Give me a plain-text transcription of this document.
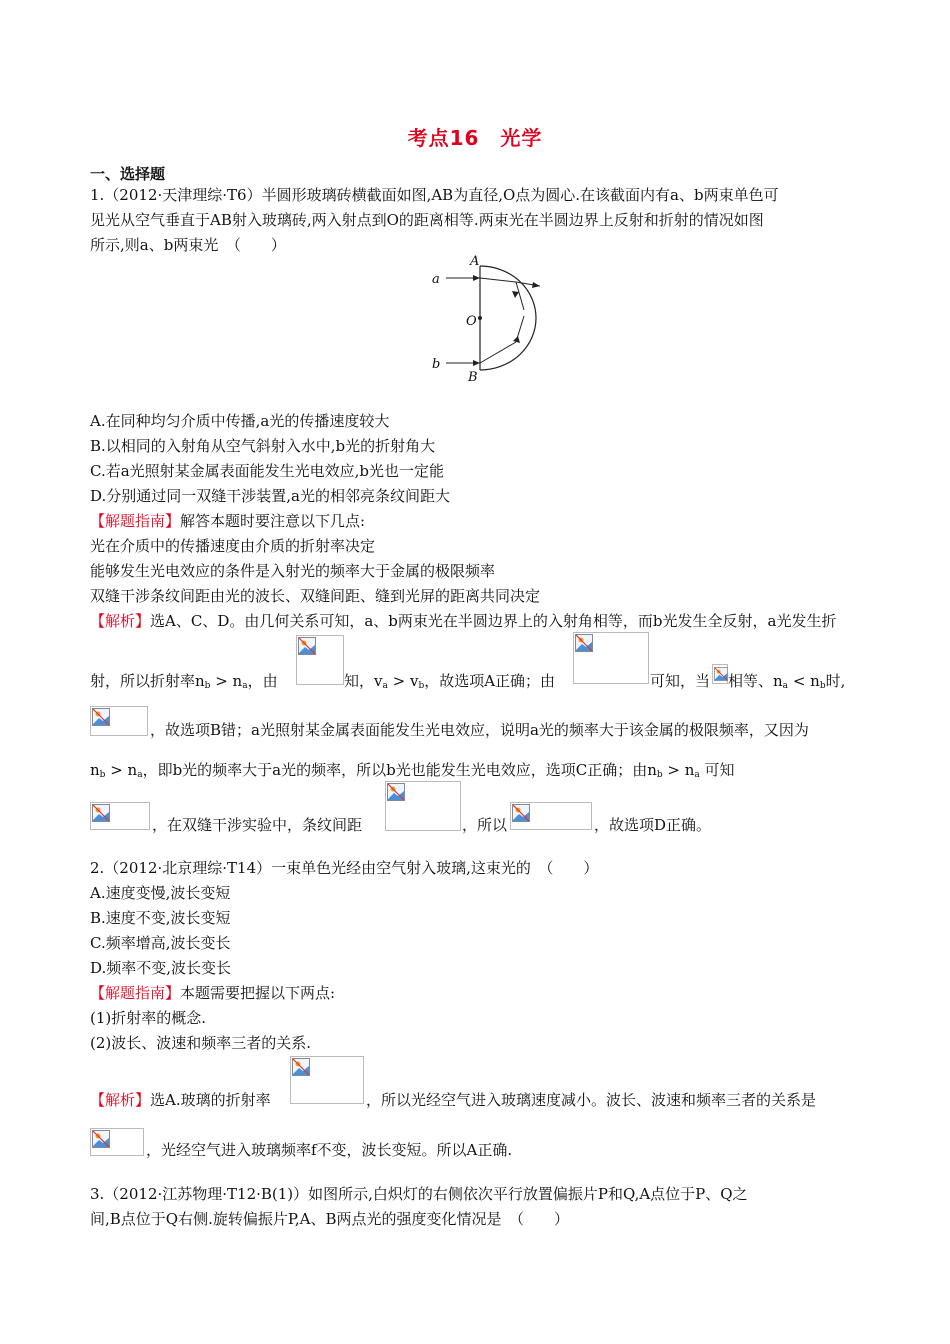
考点16　光学
一、选择题
1.（2012·天津理综·T6）半圆形玻璃砖横截面如图,AB为直径,O点为圆心.在该截面内有a、b两束单色可
见光从空气垂直于AB射入玻璃砖,两入射点到O的距离相等.两束光在半圆边界上反射和折射的情况如图
所示,则a、b两束光　（　　）
a
b
A
B
O
A.在同种均匀介质中传播,a光的传播速度较大
B.以相同的入射角从空气斜射入水中,b光的折射角大
C.若a光照射某金属表面能发生光电效应,b光也一定能
D.分别通过同一双缝干涉装置,a光的相邻亮条纹间距大
【解题指南】解答本题时要注意以下几点:
光在介质中的传播速度由介质的折射率决定
能够发生光电效应的条件是入射光的频率大于金属的极限频率
双缝干涉条纹间距由光的波长、双缝间距、缝到光屏的距离共同决定
【解析】选A、C、D。由几何关系可知，a、b两束光在半圆边界上的入射角相等，而b光发生全反射，a光发生折
射，所以折射率$n_b > n_a$，由	知，$v_a > v_b$，故选项A正确；由	可知，当 相等、$n_a < n_b$时,
，故选项B错；a光照射某金属表面能发生光电效应，说明a光的频率大于该金属的极限频率，又因为
$n_b > n_a$，即b光的频率大于a光的频率，所以b光也能发生光电效应，选项C正确；由$n_b > n_a$ 可知
，在双缝干涉实验中，条纹间距	，所以	，故选项D正确。
2.（2012·北京理综·T14）一束单色光经由空气射入玻璃,这束光的　（　　）
A.速度变慢,波长变短
B.速度不变,波长变短
C.频率增高,波长变长
D.频率不变,波长变长
【解题指南】本题需要把握以下两点:
(1)折射率的概念.
(2)波长、波速和频率三者的关系.
【解析】选A.玻璃的折射率	，所以光经空气进入玻璃速度减小。波长、波速和频率三者的关系是
，光经空气进入玻璃频率f不变，波长变短。所以A正确.
3.（2012·江苏物理·T12·B(1)）如图所示,白炽灯的右侧依次平行放置偏振片P和Q,A点位于P、Q之
间,B点位于Q右侧.旋转偏振片P,A、B两点光的强度变化情况是　（　　）
